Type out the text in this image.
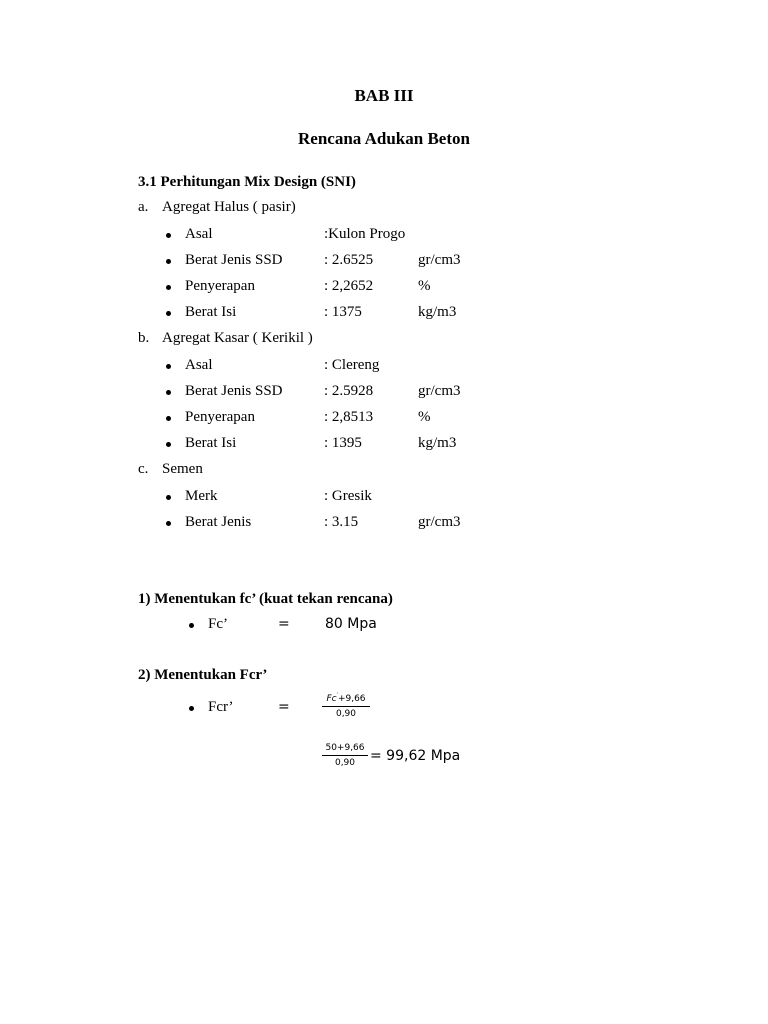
BAB III
Rencana Adukan Beton
3.1 Perhitungan Mix Design (SNI)
a. Agregat Halus ( pasir)
Asal	:Kulon Progo
Berat Jenis SSD	: 2.6525	gr/cm3
Penyerapan	: 2,2652	%
Berat Isi	: 1375	kg/m3
b. Agregat Kasar ( Kerikil )
Asal	: Clereng
Berat Jenis SSD	: 2.5928	gr/cm3
Penyerapan	: 2,8513	%
Berat Isi	: 1395	kg/m3
c. Semen
Merk	: Gresik
Berat Jenis	: 3.15	gr/cm3
1) Menentukan fc’ (kuat tekan rencana)
Fc’	=	80 Mpa
2) Menentukan Fcr’
Fcr’	=	Fc′+9,66
0,90
50+9,66
0,90	= 99,62 Mpa
